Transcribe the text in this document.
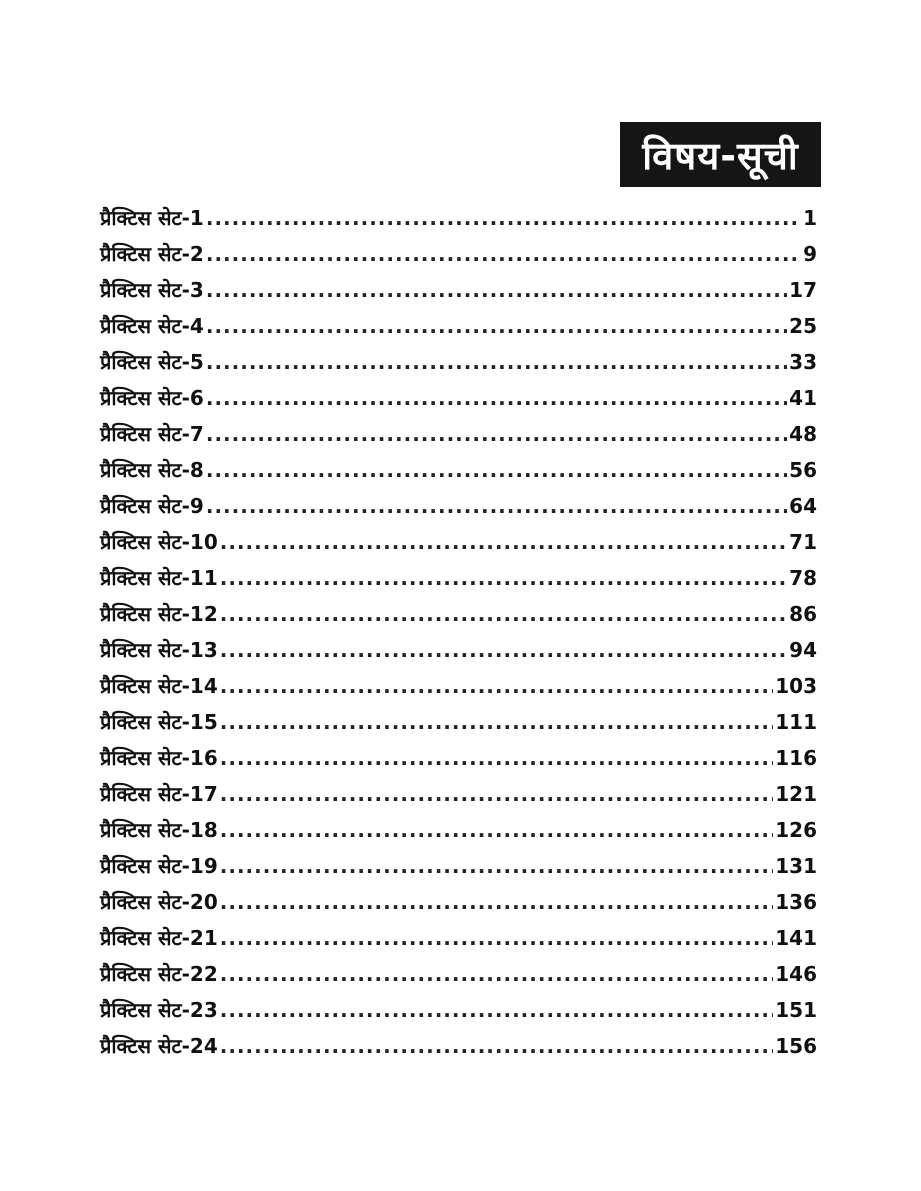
विषय-सूची
प्रैक्टिस सेट-1 .....	1
प्रैक्टिस सेट-2 .....	9
प्रैक्टिस सेट-3 .....	17
प्रैक्टिस सेट-4 .....	25
प्रैक्टिस सेट-5 .....	33
प्रैक्टिस सेट-6 .....	41
प्रैक्टिस सेट-7 .....	48
प्रैक्टिस सेट-8 .....	56
प्रैक्टिस सेट-9 .....	64
प्रैक्टिस सेट-10 .....	71
प्रैक्टिस सेट-11 .....	78
प्रैक्टिस सेट-12 .....	86
प्रैक्टिस सेट-13 .....	94
प्रैक्टिस सेट-14 .....	103
प्रैक्टिस सेट-15 .....	111
प्रैक्टिस सेट-16 .....	116
प्रैक्टिस सेट-17 .....	121
प्रैक्टिस सेट-18 .....	126
प्रैक्टिस सेट-19 .....	131
प्रैक्टिस सेट-20 .....	136
प्रैक्टिस सेट-21 .....	141
प्रैक्टिस सेट-22 .....	146
प्रैक्टिस सेट-23 .....	151
प्रैक्टिस सेट-24 .....	156
